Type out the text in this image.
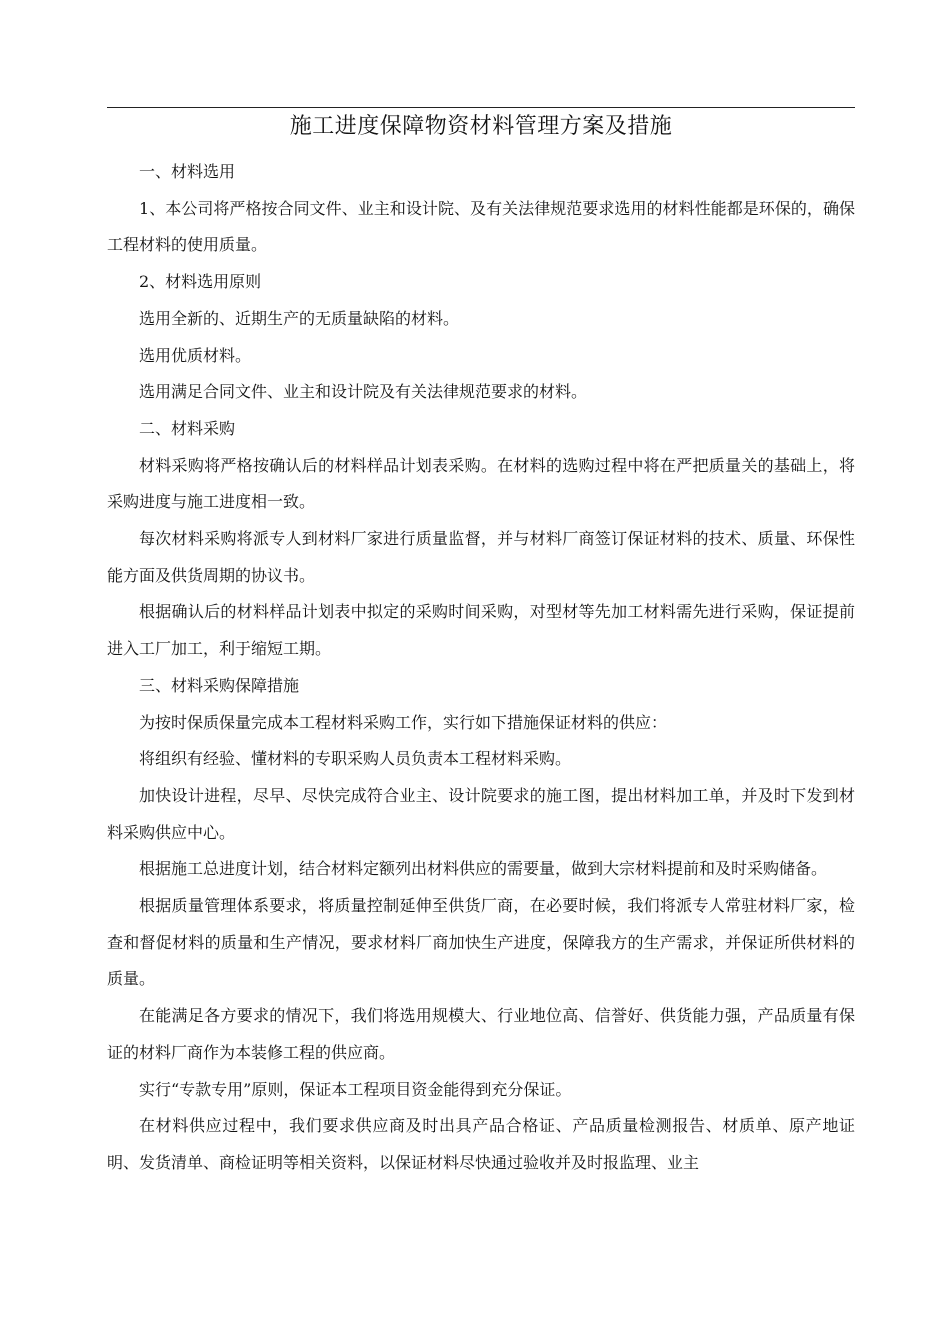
施工进度保障物资材料管理方案及措施

一、材料选用

1、本公司将严格按合同文件、业主和设计院、及有关法律规范要求选用的材料性能都是环保的，确保工程材料的使用质量。

2、材料选用原则

选用全新的、近期生产的无质量缺陷的材料。

选用优质材料。

选用满足合同文件、业主和设计院及有关法律规范要求的材料。

二、材料采购

材料采购将严格按确认后的材料样品计划表采购。在材料的选购过程中将在严把质量关的基础上，将采购进度与施工进度相一致。

每次材料采购将派专人到材料厂家进行质量监督，并与材料厂商签订保证材料的技术、质量、环保性能方面及供货周期的协议书。

根据确认后的材料样品计划表中拟定的采购时间采购，对型材等先加工材料需先进行采购，保证提前进入工厂加工，利于缩短工期。

三、材料采购保障措施

为按时保质保量完成本工程材料采购工作，实行如下措施保证材料的供应：

将组织有经验、懂材料的专职采购人员负责本工程材料采购。

加快设计进程，尽早、尽快完成符合业主、设计院要求的施工图，提出材料加工单，并及时下发到材料采购供应中心。

根据施工总进度计划，结合材料定额列出材料供应的需要量，做到大宗材料提前和及时采购储备。

根据质量管理体系要求，将质量控制延伸至供货厂商，在必要时候，我们将派专人常驻材料厂家，检查和督促材料的质量和生产情况，要求材料厂商加快生产进度，保障我方的生产需求，并保证所供材料的质量。

在能满足各方要求的情况下，我们将选用规模大、行业地位高、信誉好、供货能力强，产品质量有保证的材料厂商作为本装修工程的供应商。

实行“专款专用”原则，保证本工程项目资金能得到充分保证。

在材料供应过程中，我们要求供应商及时出具产品合格证、产品质量检测报告、材质单、原产地证明、发货清单、商检证明等相关资料，以保证材料尽快通过验收并及时报监理、业主
